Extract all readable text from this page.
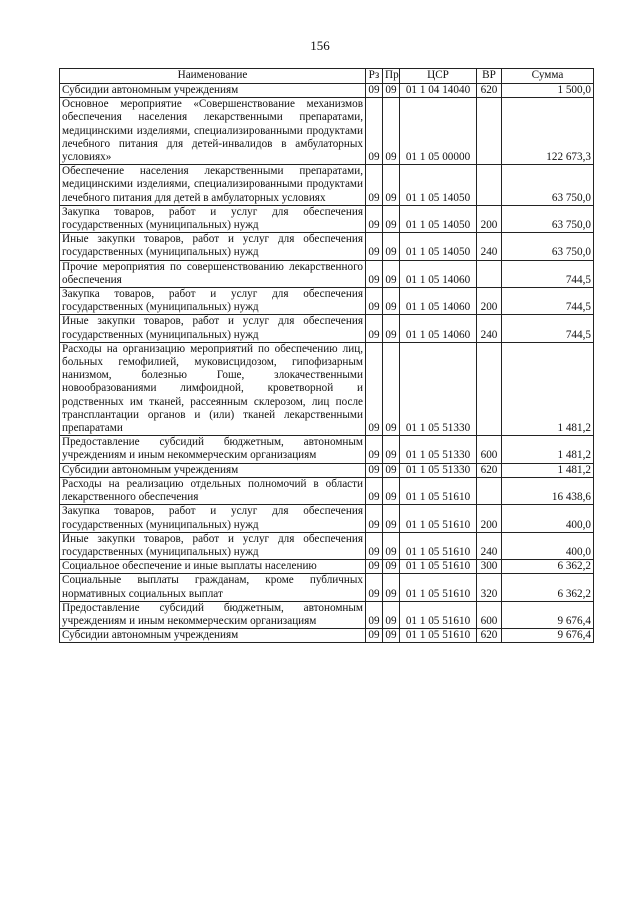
156
Наименование	Рз	Пр	ЦСР	ВР	Сумма
Субсидии автономным учреждениям	09	09	01 1 04 14040	620	1 500,0
Основное мероприятие «Совершенствование механизмов обеспечения населения лекарственными препаратами, медицинскими изделиями, специализированными продуктами лечебного питания для детей-инвалидов в амбулаторных условиях»	09	09	01 1 05 00000		122 673,3
Обеспечение населения лекарственными препаратами, медицинскими изделиями, специализированными продуктами лечебного питания для детей в амбулаторных условиях	09	09	01 1 05 14050		63 750,0
Закупка товаров, работ и услуг для обеспечения государственных (муниципальных) нужд	09	09	01 1 05 14050	200	63 750,0
Иные закупки товаров, работ и услуг для обеспечения государственных (муниципальных) нужд	09	09	01 1 05 14050	240	63 750,0
Прочие мероприятия по совершенствованию лекарственного обеспечения	09	09	01 1 05 14060		744,5
Закупка товаров, работ и услуг для обеспечения государственных (муниципальных) нужд	09	09	01 1 05 14060	200	744,5
Иные закупки товаров, работ и услуг для обеспечения государственных (муниципальных) нужд	09	09	01 1 05 14060	240	744,5
Расходы на организацию мероприятий по обеспечению лиц, больных гемофилией, муковисцидозом, гипофизарным нанизмом, болезнью Гоше, злокачественными новообразованиями лимфоидной, кроветворной и родственных им тканей, рассеянным склерозом, лиц после трансплантации органов и (или) тканей лекарственными препаратами	09	09	01 1 05 51330		1 481,2
Предоставление субсидий бюджетным, автономным учреждениям и иным некоммерческим организациям	09	09	01 1 05 51330	600	1 481,2
Субсидии автономным учреждениям	09	09	01 1 05 51330	620	1 481,2
Расходы на реализацию отдельных полномочий в области лекарственного обеспечения	09	09	01 1 05 51610		16 438,6
Закупка товаров, работ и услуг для обеспечения государственных (муниципальных) нужд	09	09	01 1 05 51610	200	400,0
Иные закупки товаров, работ и услуг для обеспечения государственных (муниципальных) нужд	09	09	01 1 05 51610	240	400,0
Социальное обеспечение и иные выплаты населению	09	09	01 1 05 51610	300	6 362,2
Социальные выплаты гражданам, кроме публичных нормативных социальных выплат	09	09	01 1 05 51610	320	6 362,2
Предоставление субсидий бюджетным, автономным учреждениям и иным некоммерческим организациям	09	09	01 1 05 51610	600	9 676,4
Субсидии автономным учреждениям	09	09	01 1 05 51610	620	9 676,4
